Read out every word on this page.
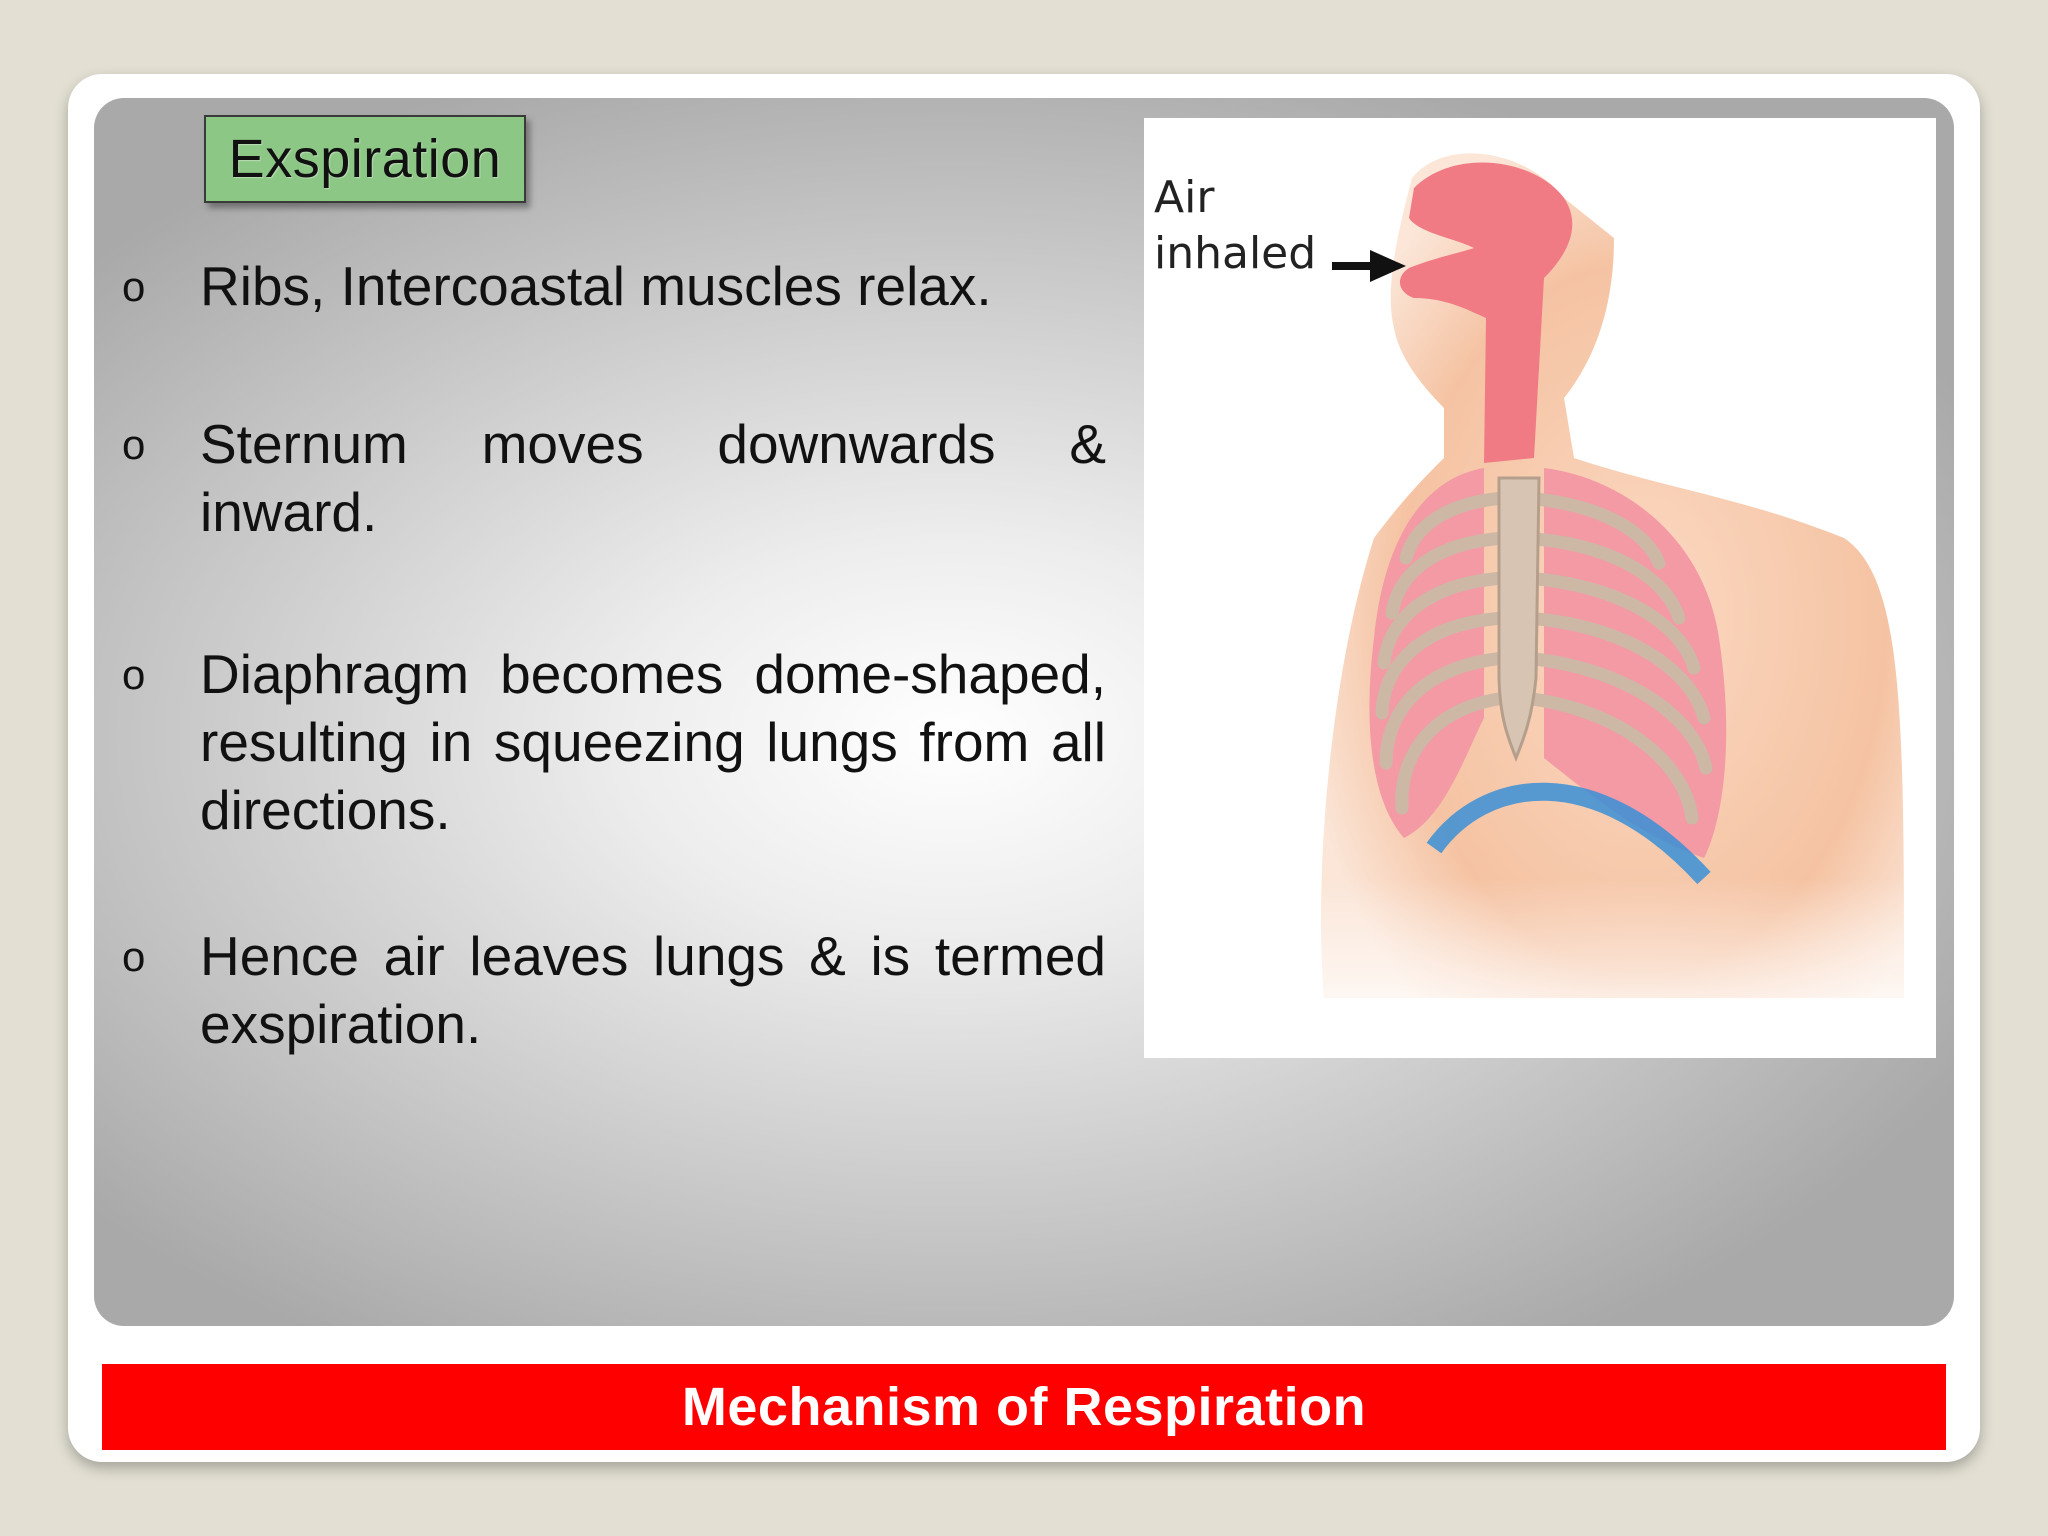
Exspiration
o Ribs, Intercoastal muscles relax.
o Sternum moves downwards & inward.
o Diaphragm becomes dome-shaped, resulting in squeezing lungs from all directions.
o Hence air leaves lungs & is termed exspiration.
Air
inhaled
Mechanism of Respiration
